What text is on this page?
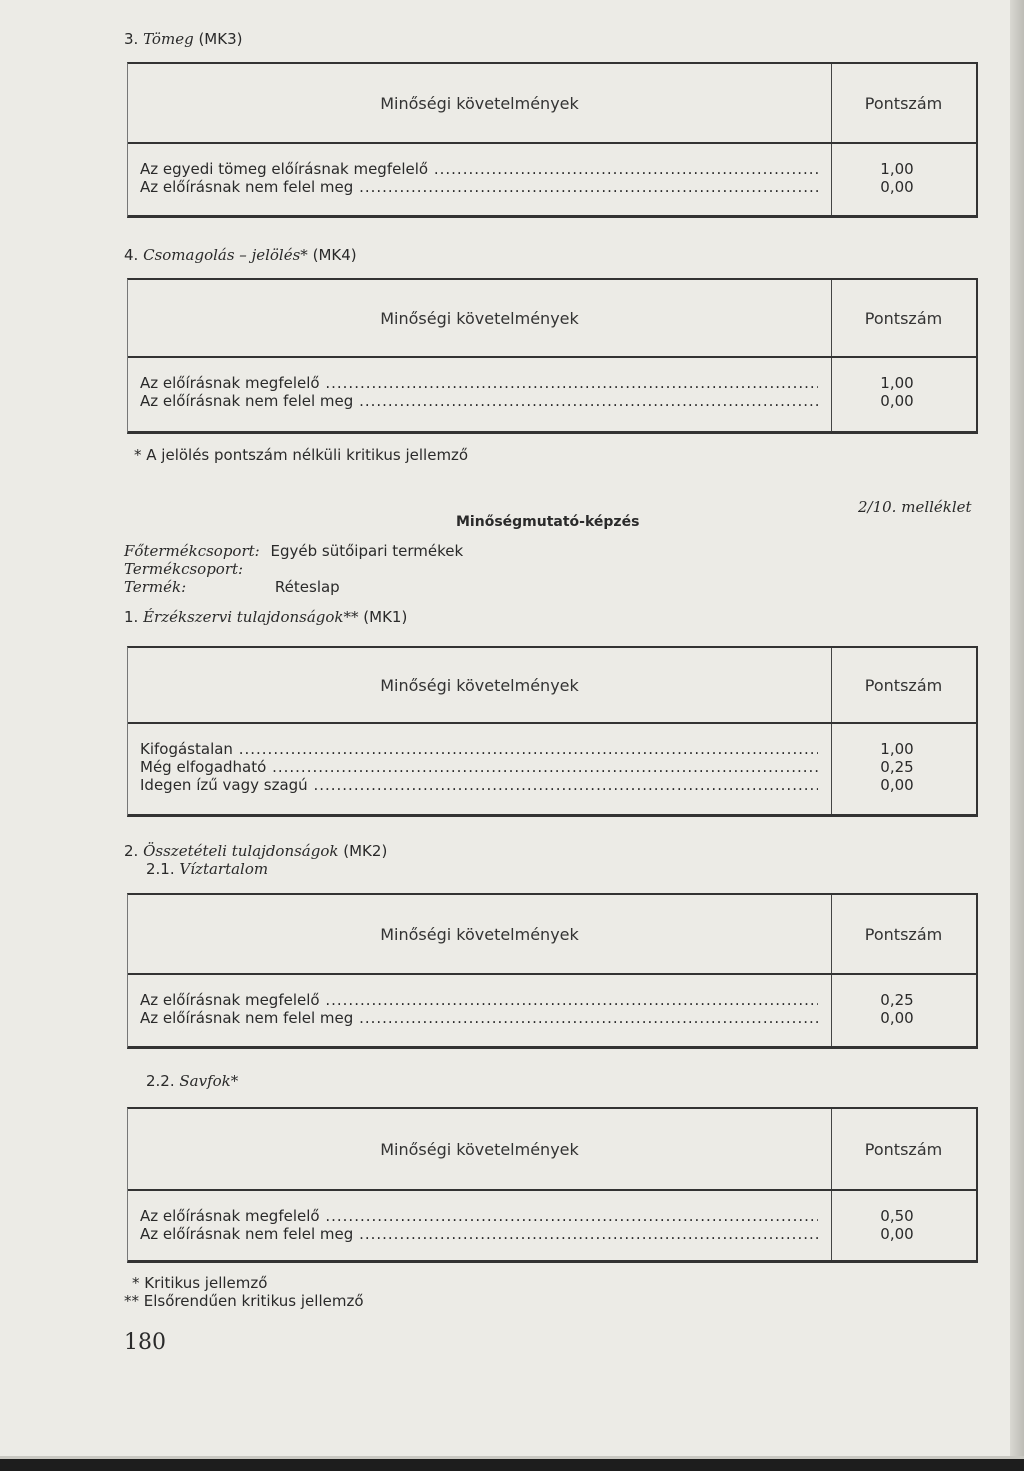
3. Tömeg (MK3)
Minőségi követelmények	Pontszám
Az egyedi tömeg előírásnak megfelelő .....	1,00
Az előírásnak nem felel meg .....	0,00
4. Csomagolás – jelölés* (MK4)
Minőségi követelmények	Pontszám
Az előírásnak megfelelő .....	1,00
Az előírásnak nem felel meg .....	0,00
* A jelölés pontszám nélküli kritikus jellemző
2/10. melléklet
Minőségmutató-képzés
Főtermékcsoport: Egyéb sütőipari termékek
Termékcsoport:
Termék:	Réteslap
1. Érzékszervi tulajdonságok** (MK1)
Minőségi követelmények	Pontszám
Kifogástalan .....	1,00
Még elfogadható .....	0,25
Idegen ízű vagy szagú .....	0,00
2. Összetételi tulajdonságok (MK2)
2.1. Víztartalom
Minőségi követelmények	Pontszám
Az előírásnak megfelelő .....	0,25
Az előírásnak nem felel meg .....	0,00
2.2. Savfok*
Minőségi követelmények	Pontszám
Az előírásnak megfelelő .....	0,50
Az előírásnak nem felel meg .....	0,00
* Kritikus jellemző
** Elsőrendűen kritikus jellemző
180
